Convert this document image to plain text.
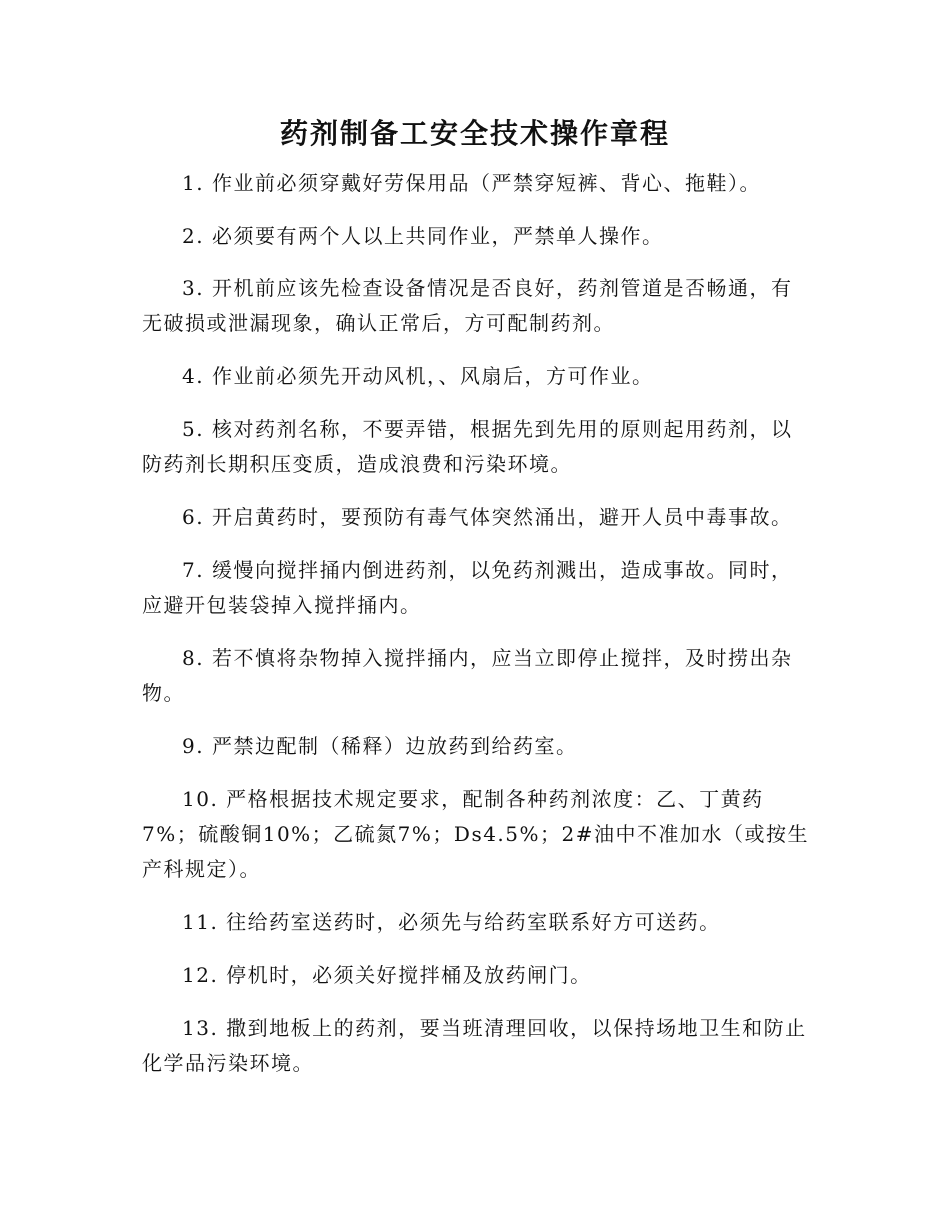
药剂制备工安全技术操作章程

1. 作业前必须穿戴好劳保用品（严禁穿短裤、背心、拖鞋）。

2. 必须要有两个人以上共同作业，严禁单人操作。

3. 开机前应该先检查设备情况是否良好，药剂管道是否畅通，有无破损或泄漏现象，确认正常后，方可配制药剂。

4. 作业前必须先开动风机，、风扇后，方可作业。

5. 核对药剂名称，不要弄错，根据先到先用的原则起用药剂，以防药剂长期积压变质，造成浪费和污染环境。

6. 开启黄药时，要预防有毒气体突然涌出，避开人员中毒事故。

7. 缓慢向搅拌捅内倒进药剂，以免药剂溅出，造成事故。同时，应避开包装袋掉入搅拌捅内。

8. 若不慎将杂物掉入搅拌捅内，应当立即停止搅拌，及时捞出杂物。

9. 严禁边配制（稀释）边放药到给药室。

10. 严格根据技术规定要求，配制各种药剂浓度：乙、丁黄药7%；硫酸铜10%；乙硫氮7%；Ds4.5%；2#油中不准加水（或按生产科规定）。

11. 往给药室送药时，必须先与给药室联系好方可送药。

12. 停机时，必须关好搅拌桶及放药闸门。

13. 撒到地板上的药剂，要当班清理回收，以保持场地卫生和防止化学品污染环境。
